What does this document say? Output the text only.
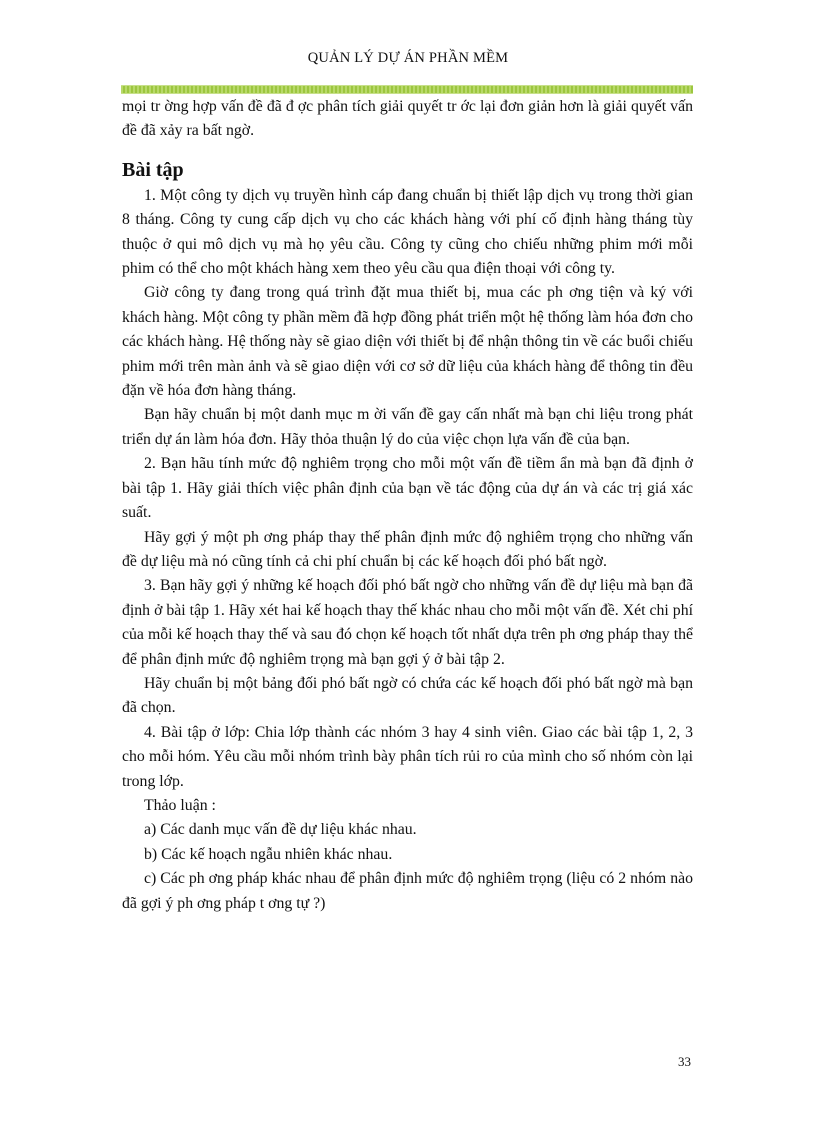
QUẢN LÝ DỰ ÁN PHẦN MỀM

mọi tr ờng hợp vấn đề đã đ ợc phân tích giải quyết tr ớc lại đơn giản hơn là giải quyết vấn đề đã xảy ra bất ngờ.

Bài tập

1. Một công ty dịch vụ truyền hình cáp đang chuẩn bị thiết lập dịch vụ trong thời gian 8 tháng. Công ty cung cấp dịch vụ cho các khách hàng với phí cố định hàng tháng tùy thuộc ở qui mô dịch vụ mà họ yêu cầu. Công ty cũng cho chiếu những phim mới mỗi phim có thể cho một khách hàng xem theo yêu cầu qua điện thoại với công ty.

Giờ công ty đang trong quá trình đặt mua thiết bị, mua các ph ơng tiện và ký với khách hàng. Một công ty phần mềm đã hợp đồng phát triển một hệ thống làm hóa đơn cho các khách hàng. Hệ thống này sẽ giao diện với thiết bị để nhận thông tin về các buổi chiếu phim mới trên màn ảnh và sẽ giao diện với cơ sở dữ liệu của khách hàng để thông tin đều đặn về hóa đơn hàng tháng.

Bạn hãy chuẩn bị một danh mục m ời vấn đề gay cấn nhất mà bạn chi liệu trong phát triển dự án làm hóa đơn. Hãy thỏa thuận lý do của việc chọn lựa vấn đề của bạn.

2. Bạn hãu tính mức độ nghiêm trọng cho mỗi một vấn đề tiềm ẩn mà bạn đã định ở bài tập 1. Hãy giải thích việc phân định của bạn về tác động của dự án và các trị giá xác suất.

Hãy gợi ý một ph ơng pháp thay thế phân định mức độ nghiêm trọng cho những vấn đề dự liệu mà nó cũng tính cả chi phí chuẩn bị các kế hoạch đối phó bất ngờ.

3. Bạn hãy gợi ý những kế hoạch đối phó bất ngờ cho những vấn đề dự liệu mà bạn đã định ở bài tập 1. Hãy xét hai kế hoạch thay thế khác nhau cho mỗi một vấn đề. Xét chi phí của mỗi kế hoạch thay thế và sau đó chọn kế hoạch tốt nhất dựa trên ph ơng pháp thay thể để phân định mức độ nghiêm trọng mà bạn gợi ý ở bài tập 2.

Hãy chuẩn bị một bảng đối phó bất ngờ có chứa các kế hoạch đối phó bất ngờ mà bạn đã chọn.

4. Bài tập ở lớp: Chia lớp thành các nhóm 3 hay 4 sinh viên. Giao các bài tập 1, 2, 3 cho mỗi hóm. Yêu cầu mỗi nhóm trình bày phân tích rủi ro của mình cho số nhóm còn lại trong lớp.

Thảo luận :

a) Các danh mục vấn đề dự liệu khác nhau.

b) Các kế hoạch ngẫu nhiên khác nhau.

c) Các ph ơng pháp khác nhau để phân định mức độ nghiêm trọng (liệu có 2 nhóm nào đã gợi ý ph ơng pháp t ơng tự ?)

33
